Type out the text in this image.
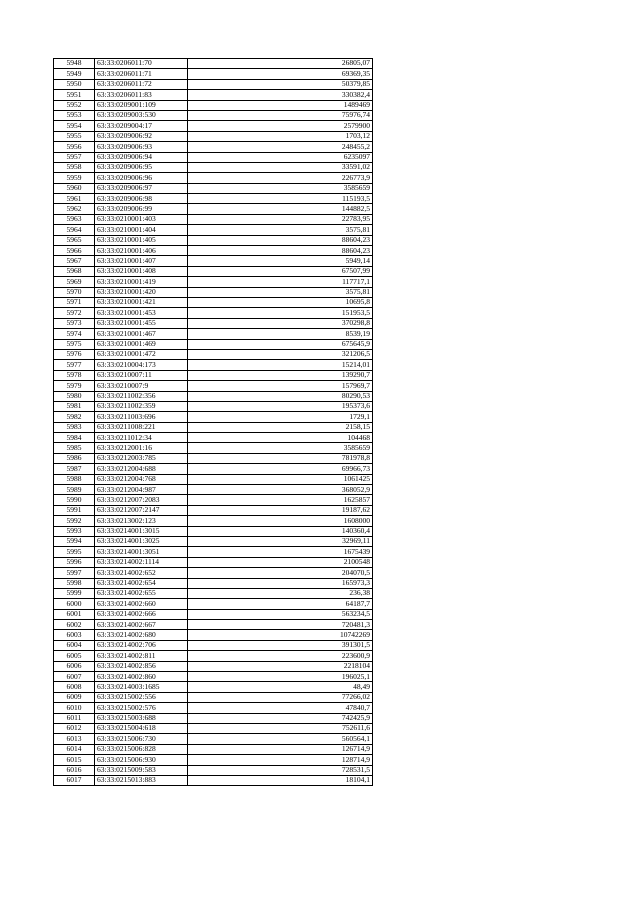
5948	63:33:0206011:70	26805,07
5949	63:33:0206011:71	69369,35
5950	63:33:0206011:72	50379,85
5951	63:33:0206011:83	330382,4
5952	63:33:0209001:109	1489469
5953	63:33:0209003:530	75976,74
5954	63:33:0209004:17	2579900
5955	63:33:0209006:92	1703,12
5956	63:33:0209006:93	248455,2
5957	63:33:0209006:94	6235097
5958	63:33:0209006:95	33591,02
5959	63:33:0209006:96	226773,9
5960	63:33:0209006:97	3585659
5961	63:33:0209006:98	115193,5
5962	63:33:0209006:99	144882,5
5963	63:33:0210001:403	22783,95
5964	63:33:0210001:404	3575,81
5965	63:33:0210001:405	88604,23
5966	63:33:0210001:406	88604,23
5967	63:33:0210001:407	5949,14
5968	63:33:0210001:408	67507,99
5969	63:33:0210001:419	117717,1
5970	63:33:0210001:420	3575,81
5971	63:33:0210001:421	10695,8
5972	63:33:0210001:453	151953,5
5973	63:33:0210001:455	370298,8
5974	63:33:0210001:467	8539,19
5975	63:33:0210001:469	675645,9
5976	63:33:0210001:472	321206,5
5977	63:33:0210004:173	15214,01
5978	63:33:0210007:11	139290,7
5979	63:33:0210007:9	157969,7
5980	63:33:0211002:356	80290,53
5981	63:33:0211002:359	195373,6
5982	63:33:0211003:696	1729,1
5983	63:33:0211008:221	2158,15
5984	63:33:0211012:34	104468
5985	63:33:0212001:16	3585659
5986	63:33:0212003:785	781978,8
5987	63:33:0212004:688	69966,73
5988	63:33:0212004:768	1061425
5989	63:33:0212004:987	368052,9
5990	63:33:0212007:2083	1625857
5991	63:33:0212007:2147	19187,62
5992	63:33:0213002:123	1608000
5993	63:33:0214001:3015	140360,4
5994	63:33:0214001:3025	32969,11
5995	63:33:0214001:3051	1675439
5996	63:33:0214002:1114	2100548
5997	63:33:0214002:652	204070,5
5998	63:33:0214002:654	165973,3
5999	63:33:0214002:655	236,38
6000	63:33:0214002:660	64187,7
6001	63:33:0214002:666	563234,5
6002	63:33:0214002:667	720481,3
6003	63:33:0214002:680	10742269
6004	63:33:0214002:706	391301,5
6005	63:33:0214002:811	223600,9
6006	63:33:0214002:856	2218104
6007	63:33:0214002:860	196025,1
6008	63:33:0214003:1685	48,49
6009	63:33:0215002:556	77266,02
6010	63:33:0215002:576	47840,7
6011	63:33:0215003:688	742425,9
6012	63:33:0215004:618	752611,6
6013	63:33:0215006:730	560564,1
6014	63:33:0215006:828	126714,9
6015	63:33:0215006:930	128714,9
6016	63:33:0215009:583	728531,5
6017	63:33:0215013:883	18104,1
